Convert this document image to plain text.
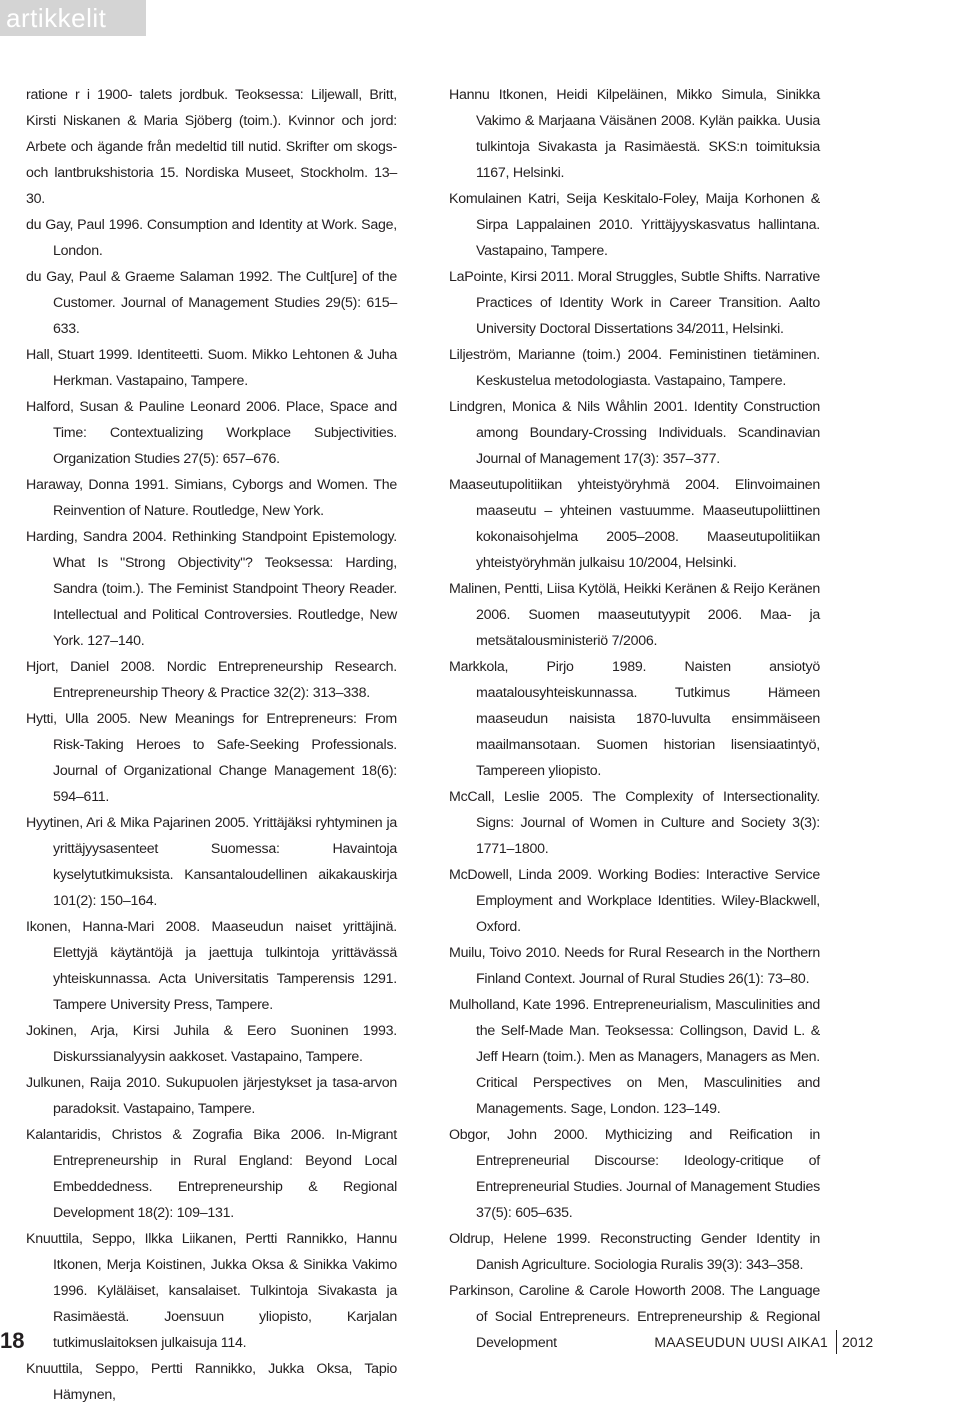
artikkelit

ratione r i 1900- talets jordbuk. Teoksessa: Liljewall, Britt, Kirsti Niskanen & Maria Sjöberg (toim.). Kvinnor och jord: Arbete och ägande från medeltid till nutid. Skrifter om skogs- och lantbrukshistoria 15. Nordiska Museet, Stockholm. 13–30.

du Gay, Paul 1996. Consumption and Identity at Work. Sage, London.

du Gay, Paul & Graeme Salaman 1992. The Cult[ure] of the Customer. Journal of Management Studies 29(5): 615–633.

Hall, Stuart 1999. Identiteetti. Suom. Mikko Lehtonen & Juha Herkman. Vastapaino, Tampere.

Halford, Susan & Pauline Leonard 2006. Place, Space and Time: Contextualizing Workplace Subjectivities. Organization Studies 27(5): 657–676.

Haraway, Donna 1991. Simians, Cyborgs and Women. The Reinvention of Nature. Routledge, New York.

Harding, Sandra 2004. Rethinking Standpoint Epistemology. What Is "Strong Objectivity"? Teoksessa: Harding, Sandra (toim.). The Feminist Standpoint Theory Reader. Intellectual and Political Controversies. Routledge, New York. 127–140.

Hjort, Daniel 2008. Nordic Entrepreneurship Research. Entrepreneurship Theory & Practice 32(2): 313–338.

Hytti, Ulla 2005. New Meanings for Entrepreneurs: From Risk-Taking Heroes to Safe-Seeking Professionals. Journal of Organizational Change Management 18(6): 594–611.

Hyytinen, Ari & Mika Pajarinen 2005. Yrittäjäksi ryhtyminen ja yrittäjyysasenteet Suomessa: Havaintoja kyselytutkimuksista. Kansantaloudellinen aikakauskirja 101(2): 150–164.

Ikonen, Hanna-Mari 2008. Maaseudun naiset yrittäjinä. Elettyjä käytäntöjä ja jaettuja tulkintoja yrittävässä yhteiskunnassa. Acta Universitatis Tamperensis 1291. Tampere University Press, Tampere.

Jokinen, Arja, Kirsi Juhila & Eero Suoninen 1993. Diskurssianalyysin aakkoset. Vastapaino, Tampere.

Julkunen, Raija 2010. Sukupuolen järjestykset ja tasa-arvon paradoksit. Vastapaino, Tampere.

Kalantaridis, Christos & Zografia Bika 2006. In-Migrant Entrepreneurship in Rural England: Beyond Local Embeddedness. Entrepreneurship & Regional Development 18(2): 109–131.

Knuuttila, Seppo, Ilkka Liikanen, Pertti Rannikko, Hannu Itkonen, Merja Koistinen, Jukka Oksa & Sinikka Vakimo 1996. Kyläläiset, kansalaiset. Tulkintoja Sivakasta ja Rasimäestä. Joensuun yliopisto, Karjalan tutkimuslaitoksen julkaisuja 114.

Knuuttila, Seppo, Pertti Rannikko, Jukka Oksa, Tapio Hämynen,

Hannu Itkonen, Heidi Kilpeläinen, Mikko Simula, Sinikka Vakimo & Marjaana Väisänen 2008. Kylän paikka. Uusia tulkintoja Sivakasta ja Rasimäestä. SKS:n toimituksia 1167, Helsinki.

Komulainen Katri, Seija Keskitalo-Foley, Maija Korhonen & Sirpa Lappalainen 2010. Yrittäjyyskasvatus hallintana. Vastapaino, Tampere.

LaPointe, Kirsi 2011. Moral Struggles, Subtle Shifts. Narrative Practices of Identity Work in Career Transition. Aalto University Doctoral Dissertations 34/2011, Helsinki.

Liljeström, Marianne (toim.) 2004. Feministinen tietäminen. Keskustelua metodologiasta. Vastapaino, Tampere.

Lindgren, Monica & Nils Wåhlin 2001. Identity Construction among Boundary-Crossing Individuals. Scandinavian Journal of Management 17(3): 357–377.

Maaseutupolitiikan yhteistyöryhmä 2004. Elinvoimainen maaseutu – yhteinen vastuumme. Maaseutupoliittinen kokonaisohjelma 2005–2008. Maaseutupolitiikan yhteistyöryhmän julkaisu 10/2004, Helsinki.

Malinen, Pentti, Liisa Kytölä, Heikki Keränen & Reijo Keränen 2006. Suomen maaseututyypit 2006. Maa- ja metsätalousministeriö 7/2006.

Markkola, Pirjo 1989. Naisten ansiotyö maatalousyhteiskunnassa. Tutkimus Hämeen maaseudun naisista 1870-luvulta ensimmäiseen maailmansotaan. Suomen historian lisensiaatintyö, Tampereen yliopisto.

McCall, Leslie 2005. The Complexity of Intersectionality. Signs: Journal of Women in Culture and Society 3(3): 1771–1800.

McDowell, Linda 2009. Working Bodies: Interactive Service Employment and Workplace Identities. Wiley-Blackwell, Oxford.

Muilu, Toivo 2010. Needs for Rural Research in the Northern Finland Context. Journal of Rural Studies 26(1): 73–80.

Mulholland, Kate 1996. Entrepreneurialism, Masculinities and the Self-Made Man. Teoksessa: Collingson, David L. & Jeff Hearn (toim.). Men as Managers, Managers as Men. Critical Perspectives on Men, Masculinities and Managements. Sage, London. 123–149.

Obgor, John 2000. Mythicizing and Reification in Entrepreneurial Discourse: Ideology-critique of Entrepreneurial Studies. Journal of Management Studies 37(5): 605–635.

Oldrup, Helene 1999. Reconstructing Gender Identity in Danish Agriculture. Sociologia Ruralis 39(3): 343–358.

Parkinson, Caroline & Carole Howorth 2008. The Language of Social Entrepreneurs. Entrepreneurship & Regional Development

18	MAASEUDUN UUSI AIKA 1 2012
